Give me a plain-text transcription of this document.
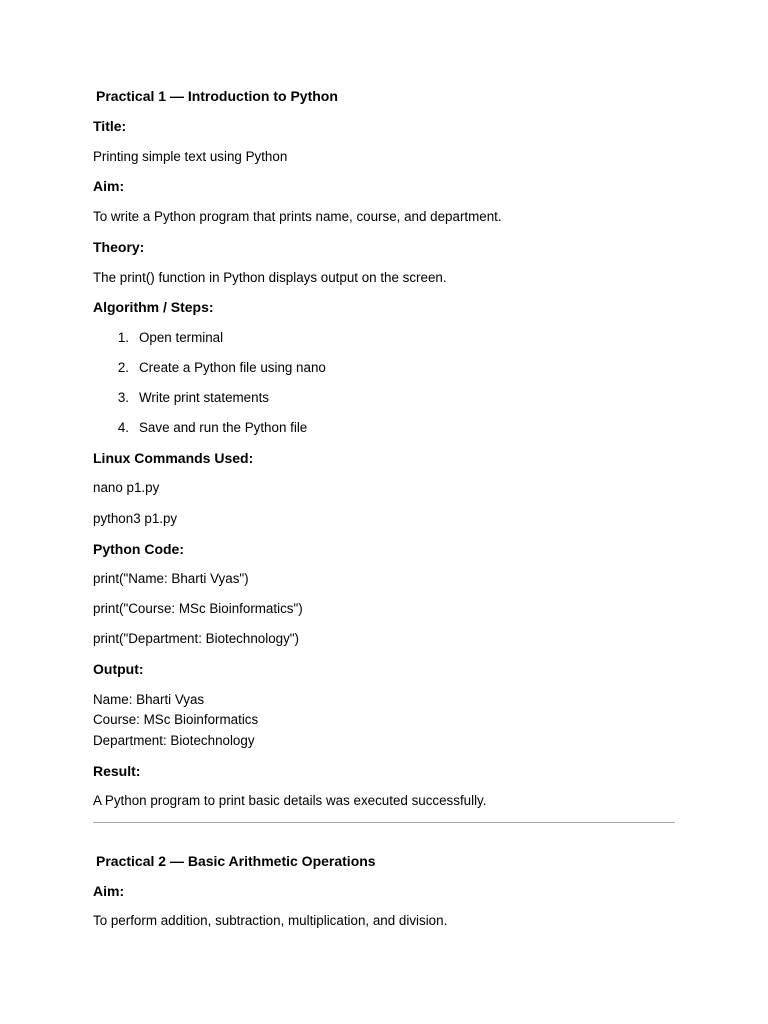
Practical 1 — Introduction to Python
Title:
Printing simple text using Python
Aim:
To write a Python program that prints name, course, and department.
Theory:
The print() function in Python displays output on the screen.
Algorithm / Steps:
1. Open terminal
2. Create a Python file using nano
3. Write print statements
4. Save and run the Python file
Linux Commands Used:
nano p1.py
python3 p1.py
Python Code:
print("Name: Bharti Vyas")
print("Course: MSc Bioinformatics")
print("Department: Biotechnology")
Output:
Name: Bharti Vyas
Course: MSc Bioinformatics
Department: Biotechnology
Result:
A Python program to print basic details was executed successfully.
Practical 2 — Basic Arithmetic Operations
Aim:
To perform addition, subtraction, multiplication, and division.
